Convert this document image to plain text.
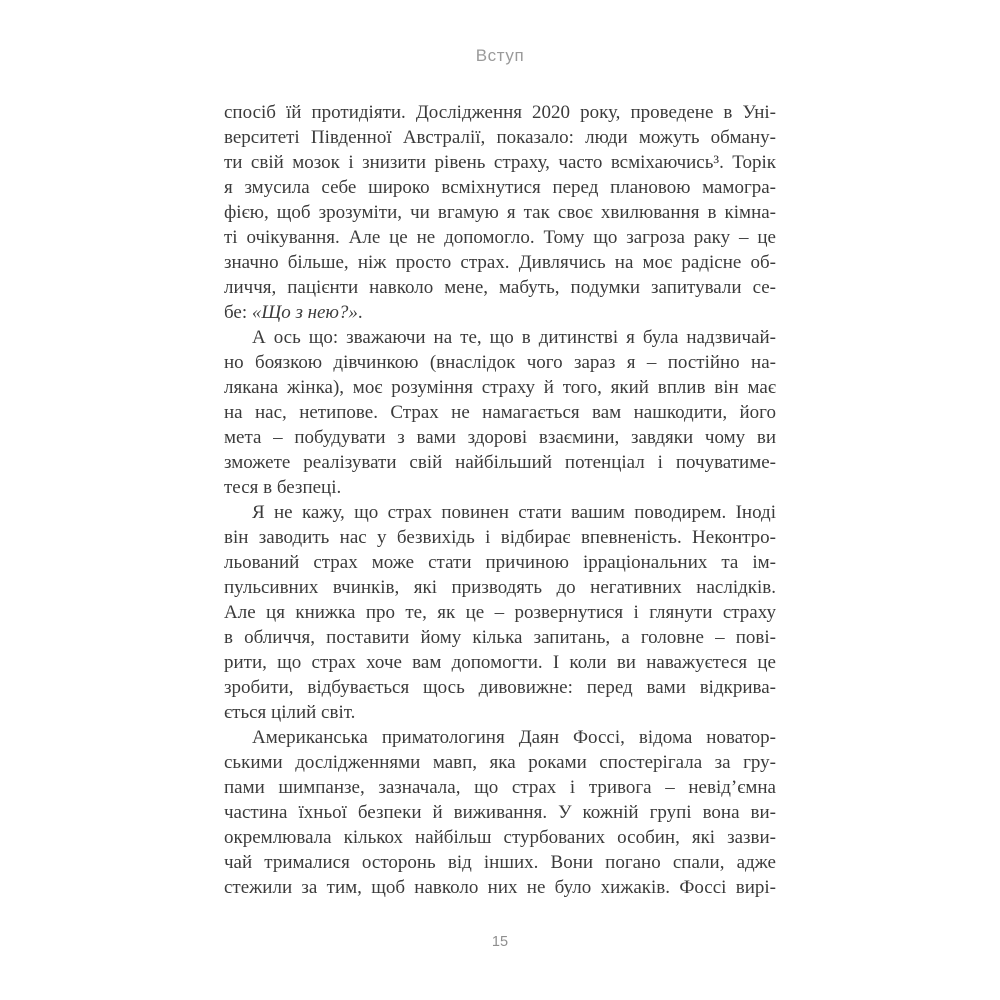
Вступ
спосіб їй протидіяти. Дослідження 2020 року, проведене в Уні-
верситеті Південної Австралії, показало: люди можуть обману-
ти свій мозок і знизити рівень страху, часто всміхаючись³. Торік
я змусила себе широко всміхнутися перед плановою мамогра-
фією, щоб зрозуміти, чи вгамую я так своє хвилювання в кімна-
ті очікування. Але це не допомогло. Тому що загроза раку – це
значно більше, ніж просто страх. Дивлячись на моє радісне об-
личчя, пацієнти навколо мене, мабуть, подумки запитували се-
бе: «Що з нею?».
А ось що: зважаючи на те, що в дитинстві я була надзвичай-
но боязкою дівчинкою (внаслідок чого зараз я – постійно на-
лякана жінка), моє розуміння страху й того, який вплив він має
на нас, нетипове. Страх не намагається вам нашкодити, його
мета – побудувати з вами здорові взаємини, завдяки чому ви
зможете реалізувати свій найбільший потенціал і почуватиме-
теся в безпеці.
Я не кажу, що страх повинен стати вашим поводирем. Іноді
він заводить нас у безвихідь і відбирає впевненість. Неконтро-
льований страх може стати причиною ірраціональних та ім-
пульсивних вчинків, які призводять до негативних наслідків.
Але ця книжка про те, як це – розвернутися і глянути страху
в обличчя, поставити йому кілька запитань, а головне – пові-
рити, що страх хоче вам допомогти. І коли ви наважуєтеся це
зробити, відбувається щось дивовижне: перед вами відкрива-
ється цілий світ.
Американська приматологиня Даян Фоссі, відома новатор-
ськими дослідженнями мавп, яка роками спостерігала за гру-
пами шимпанзе, зазначала, що страх і тривога – невід’ємна
частина їхньої безпеки й виживання. У кожній групі вона ви-
окремлювала кількох найбільш стурбованих особин, які зазви-
чай трималися осторонь від інших. Вони погано спали, адже
стежили за тим, щоб навколо них не було хижаків. Фоссі вирі-
15
